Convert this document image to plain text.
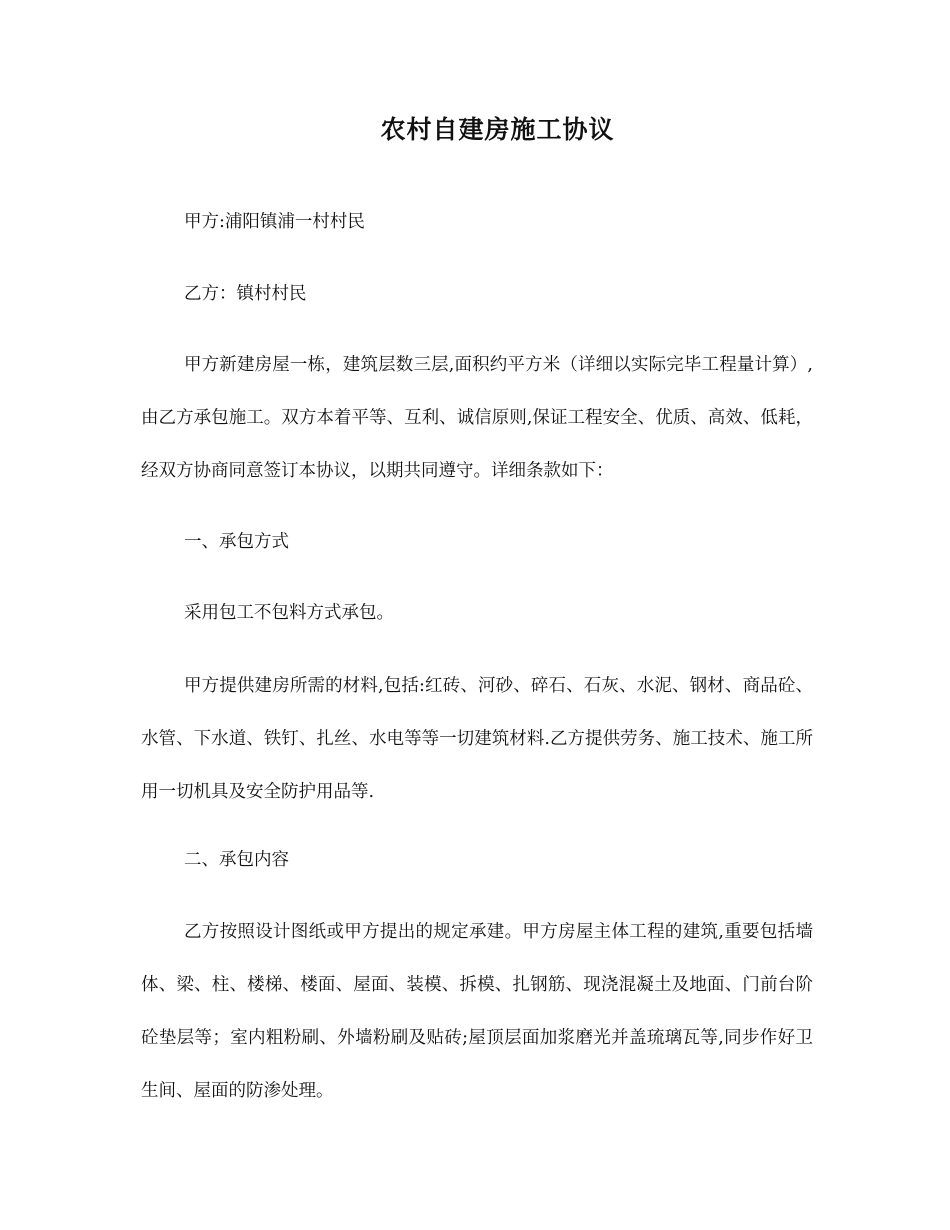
农村自建房施工协议

甲方:浦阳镇浦一村村民

乙方：镇村村民

甲方新建房屋一栋，建筑层数三层,面积约平方米（详细以实际完毕工程量计算）,由乙方承包施工。双方本着平等、互利、诚信原则,保证工程安全、优质、高效、低耗，经双方协商同意签订本协议，以期共同遵守。详细条款如下：

一、承包方式

采用包工不包料方式承包。

甲方提供建房所需的材料,包括:红砖、河砂、碎石、石灰、水泥、钢材、商品砼、水管、下水道、铁钉、扎丝、水电等等一切建筑材料.乙方提供劳务、施工技术、施工所用一切机具及安全防护用品等.

二、承包内容

乙方按照设计图纸或甲方提出的规定承建。甲方房屋主体工程的建筑,重要包括墙体、梁、柱、楼梯、楼面、屋面、装模、拆模、扎钢筋、现浇混凝土及地面、门前台阶砼垫层等；室内粗粉刷、外墙粉刷及贴砖;屋顶层面加浆磨光并盖琉璃瓦等,同步作好卫生间、屋面的防渗处理。
